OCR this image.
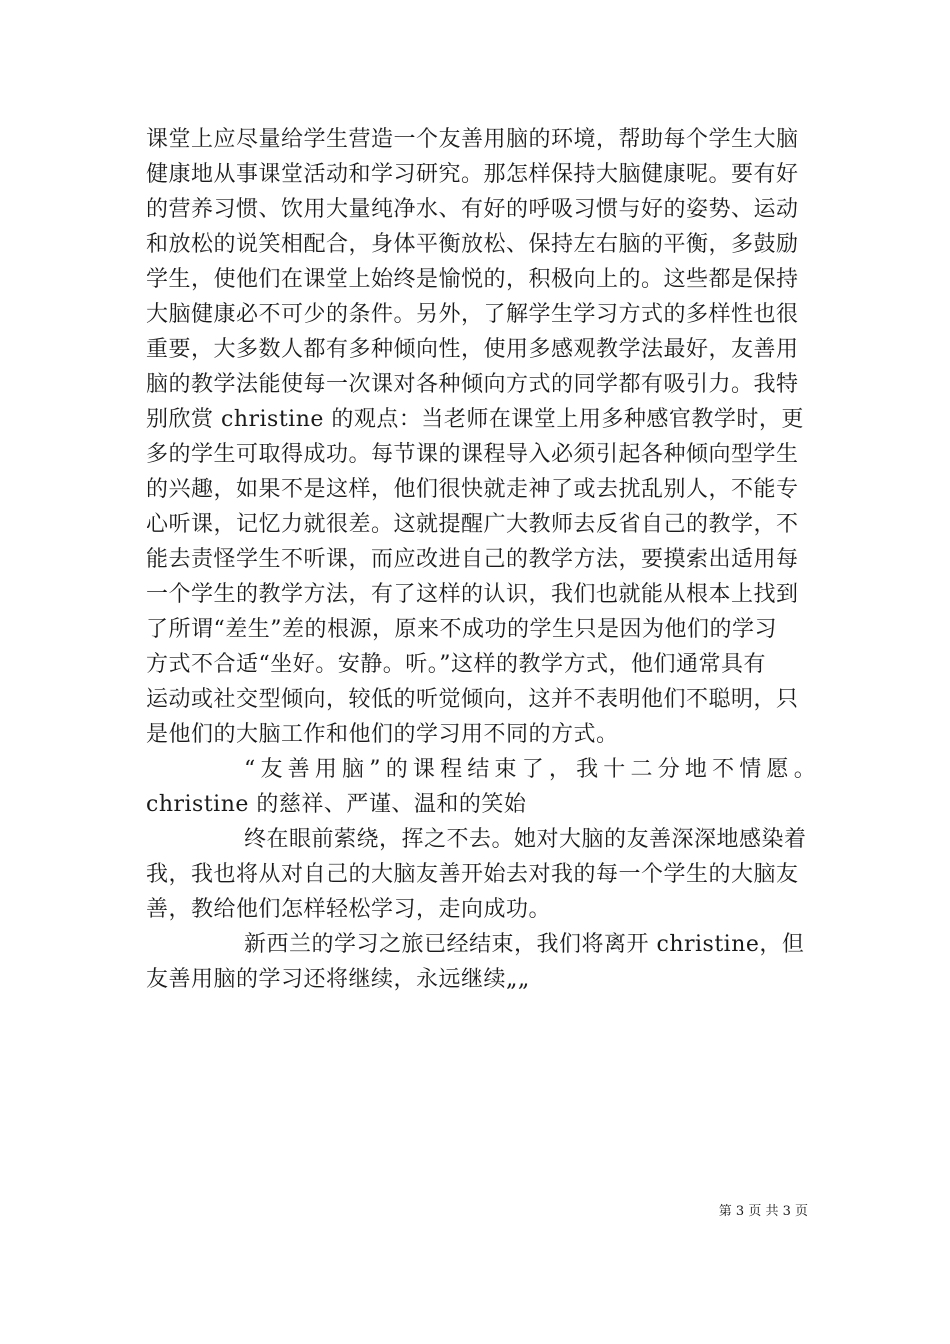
课堂上应尽量给学生营造一个友善用脑的环境，帮助每个学生大脑
健康地从事课堂活动和学习研究。那怎样保持大脑健康呢。要有好
的营养习惯、饮用大量纯净水、有好的呼吸习惯与好的姿势、运动
和放松的说笑相配合，身体平衡放松、保持左右脑的平衡，多鼓励
学生，使他们在课堂上始终是愉悦的，积极向上的。这些都是保持
大脑健康必不可少的条件。另外，了解学生学习方式的多样性也很
重要，大多数人都有多种倾向性，使用多感观教学法最好，友善用
脑的教学法能使每一次课对各种倾向方式的同学都有吸引力。我特
别欣赏 christine 的观点：当老师在课堂上用多种感官教学时，更
多的学生可取得成功。每节课的课程导入必须引起各种倾向型学生
的兴趣，如果不是这样，他们很快就走神了或去扰乱别人，不能专
心听课，记忆力就很差。这就提醒广大教师去反省自己的教学，不
能去责怪学生不听课，而应改进自己的教学方法，要摸索出适用每
一个学生的教学方法，有了这样的认识，我们也就能从根本上找到
了所谓“差生”差的根源，原来不成功的学生只是因为他们的学习
方式不合适“坐好。安静。听。”这样的教学方式，他们通常具有
运动或社交型倾向，较低的听觉倾向，这并不表明他们不聪明，只
是他们的大脑工作和他们的学习用不同的方式。
“友善用脑”的课程结束了，我十二分地不情愿。
christine 的慈祥、严谨、温和的笑始
终在眼前萦绕，挥之不去。她对大脑的友善深深地感染着
我，我也将从对自己的大脑友善开始去对我的每一个学生的大脑友
善，教给他们怎样轻松学习，走向成功。
新西兰的学习之旅已经结束，我们将离开 christine，但
友善用脑的学习还将继续，永远继续„„
第 3 页 共 3 页
